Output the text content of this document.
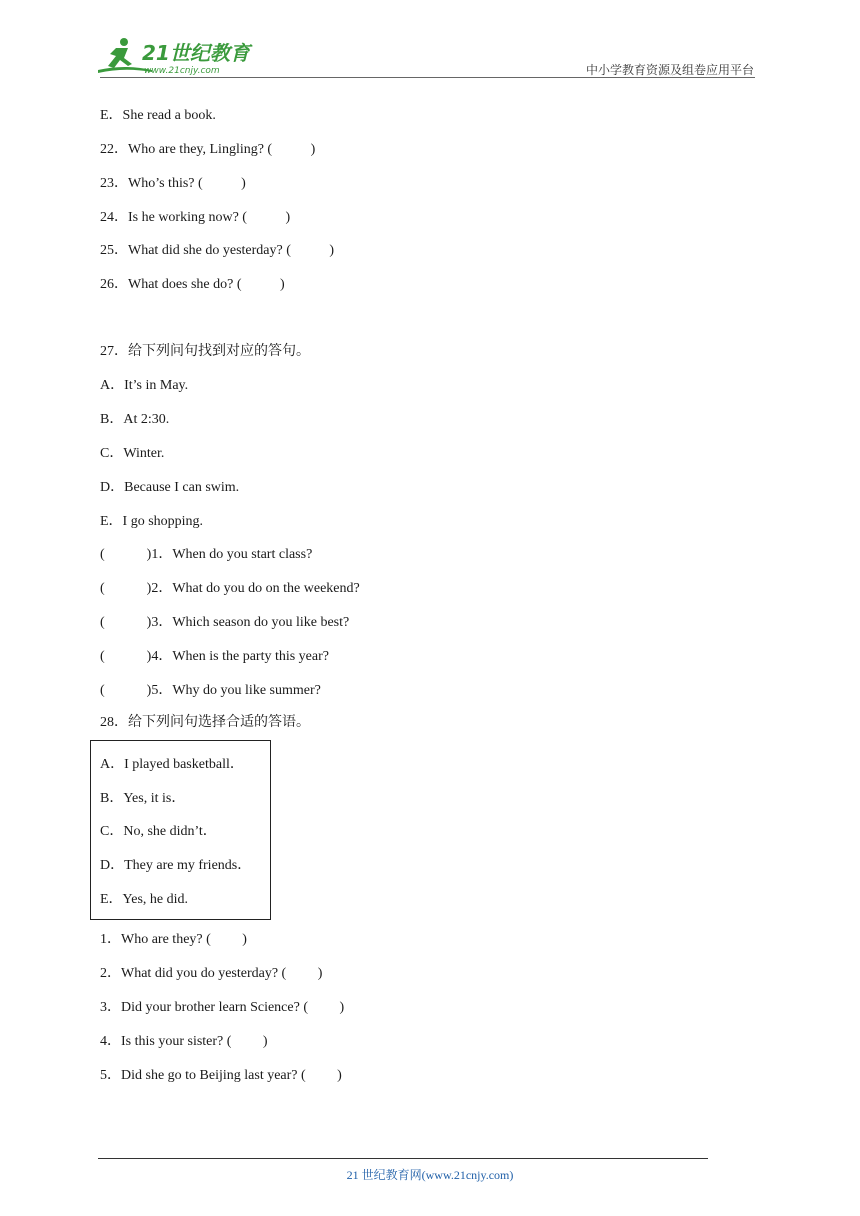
21世纪教育
www.21cnjy.com	中小学教育资源及组卷应用平台
E．She read a book.
22．Who are they, Lingling? (           )
23．Who’s this? (           )
24．Is he working now? (           )
25．What did she do yesterday? (           )
26．What does she do? (           )
27．给下列问句找到对应的答句。
A．It’s in May.
B．At 2:30.
C．Winter.
D．Because I can swim.
E．I go shopping.
(            )1．When do you start class?
(            )2．What do you do on the weekend?
(            )3．Which season do you like best?
(            )4．When is the party this year?
(            )5．Why do you like summer?
28．给下列问句选择合适的答语。
A．I played basketball．
B．Yes, it is．
C．No, she didn’t．
D．They are my friends．
E．Yes, he did.
1．Who are they? (         )
2．What did you do yesterday? (         )
3．Did your brother learn Science? (         )
4．Is this your sister? (         )
5．Did she go to Beijing last year? (         )
21 世纪教育网(www.21cnjy.com)
